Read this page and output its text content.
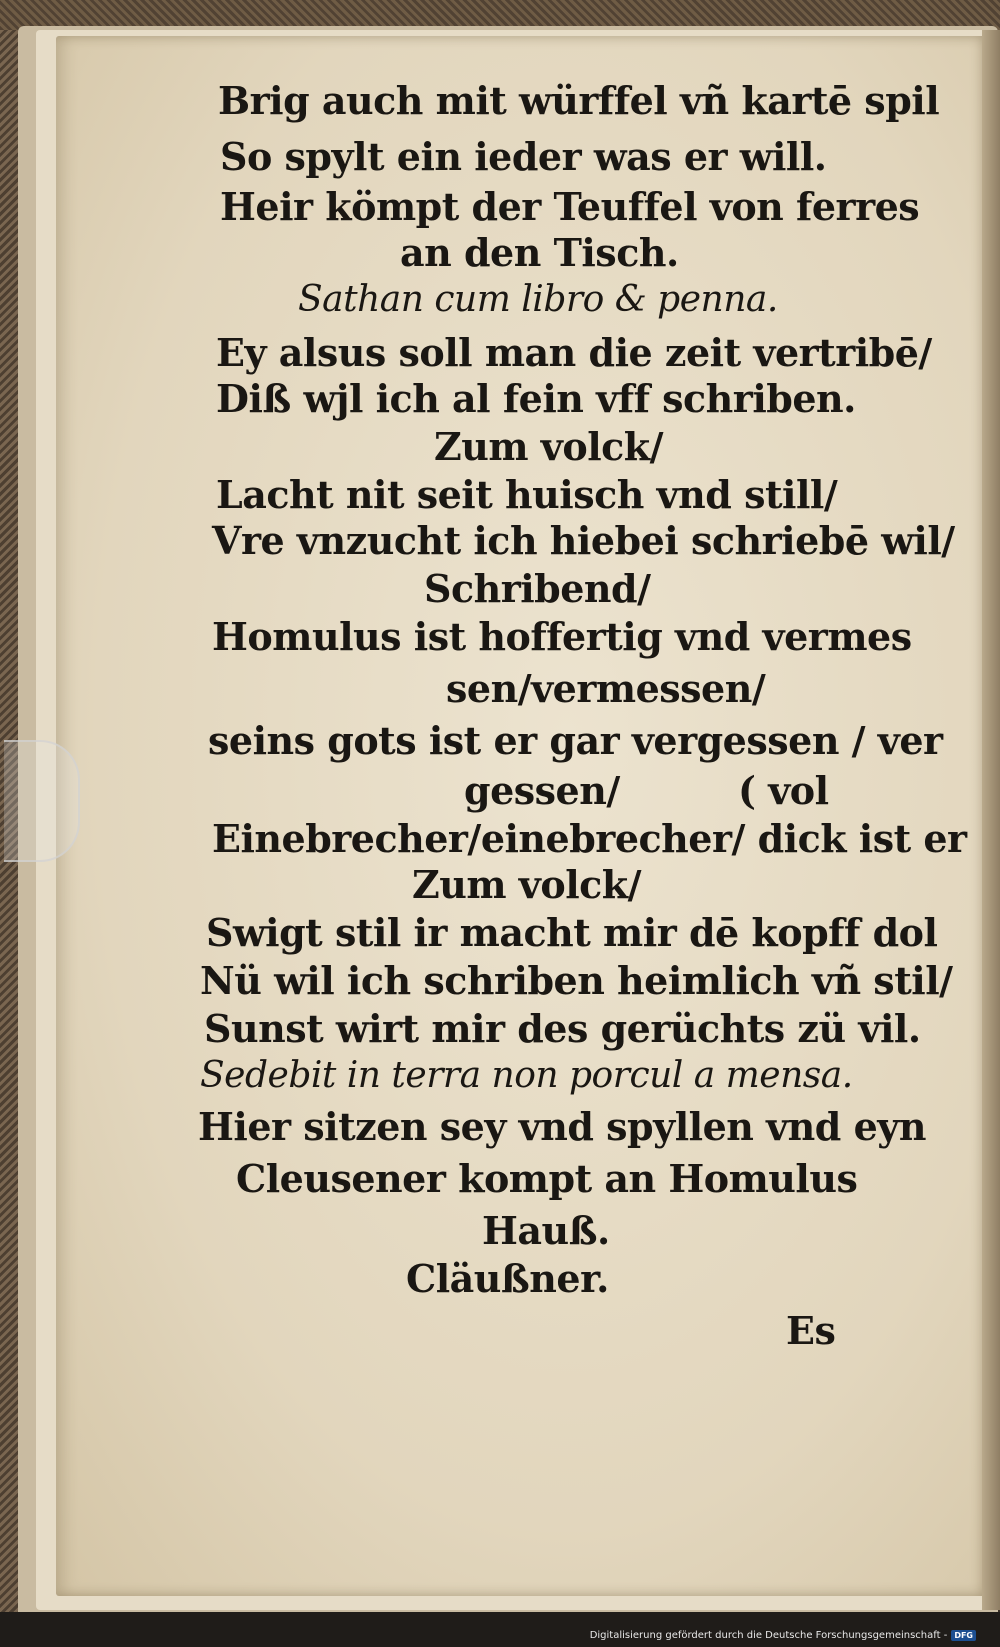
Brig auch mit würffel vñ kartē spil
So spylt ein ieder was er will.
Heir kömpt der Teuffel von ferres
an den Tisch.
Sathan cum libro & penna.
Ey alsus soll man die zeit vertribē/
Diß wjl ich al fein vff schriben.
Zum volck/
Lacht nit seit huisch vnd still/
Vre vnzucht ich hiebei schriebē wil/
Schribend/
Homulus ist hoffertig vnd vermes
sen/vermessen/
seins gots ist er gar vergessen / ver
gessen/	( vol
Einebrecher/einebrecher/ dick ist er
Zum volck/
Swigt stil ir macht mir dē kopff dol
Nü wil ich schriben heimlich vñ stil/
Sunst wirt mir des gerüchts zü vil.
Sedebit in terra non porcul a mensa.
Hier sitzen sey vnd spyllen vnd eyn
Cleusener kompt an Homulus
Hauß.
Cläußner.
Es
Digitalisierung gefördert durch die Deutsche Forschungsgemeinschaft - DFG
